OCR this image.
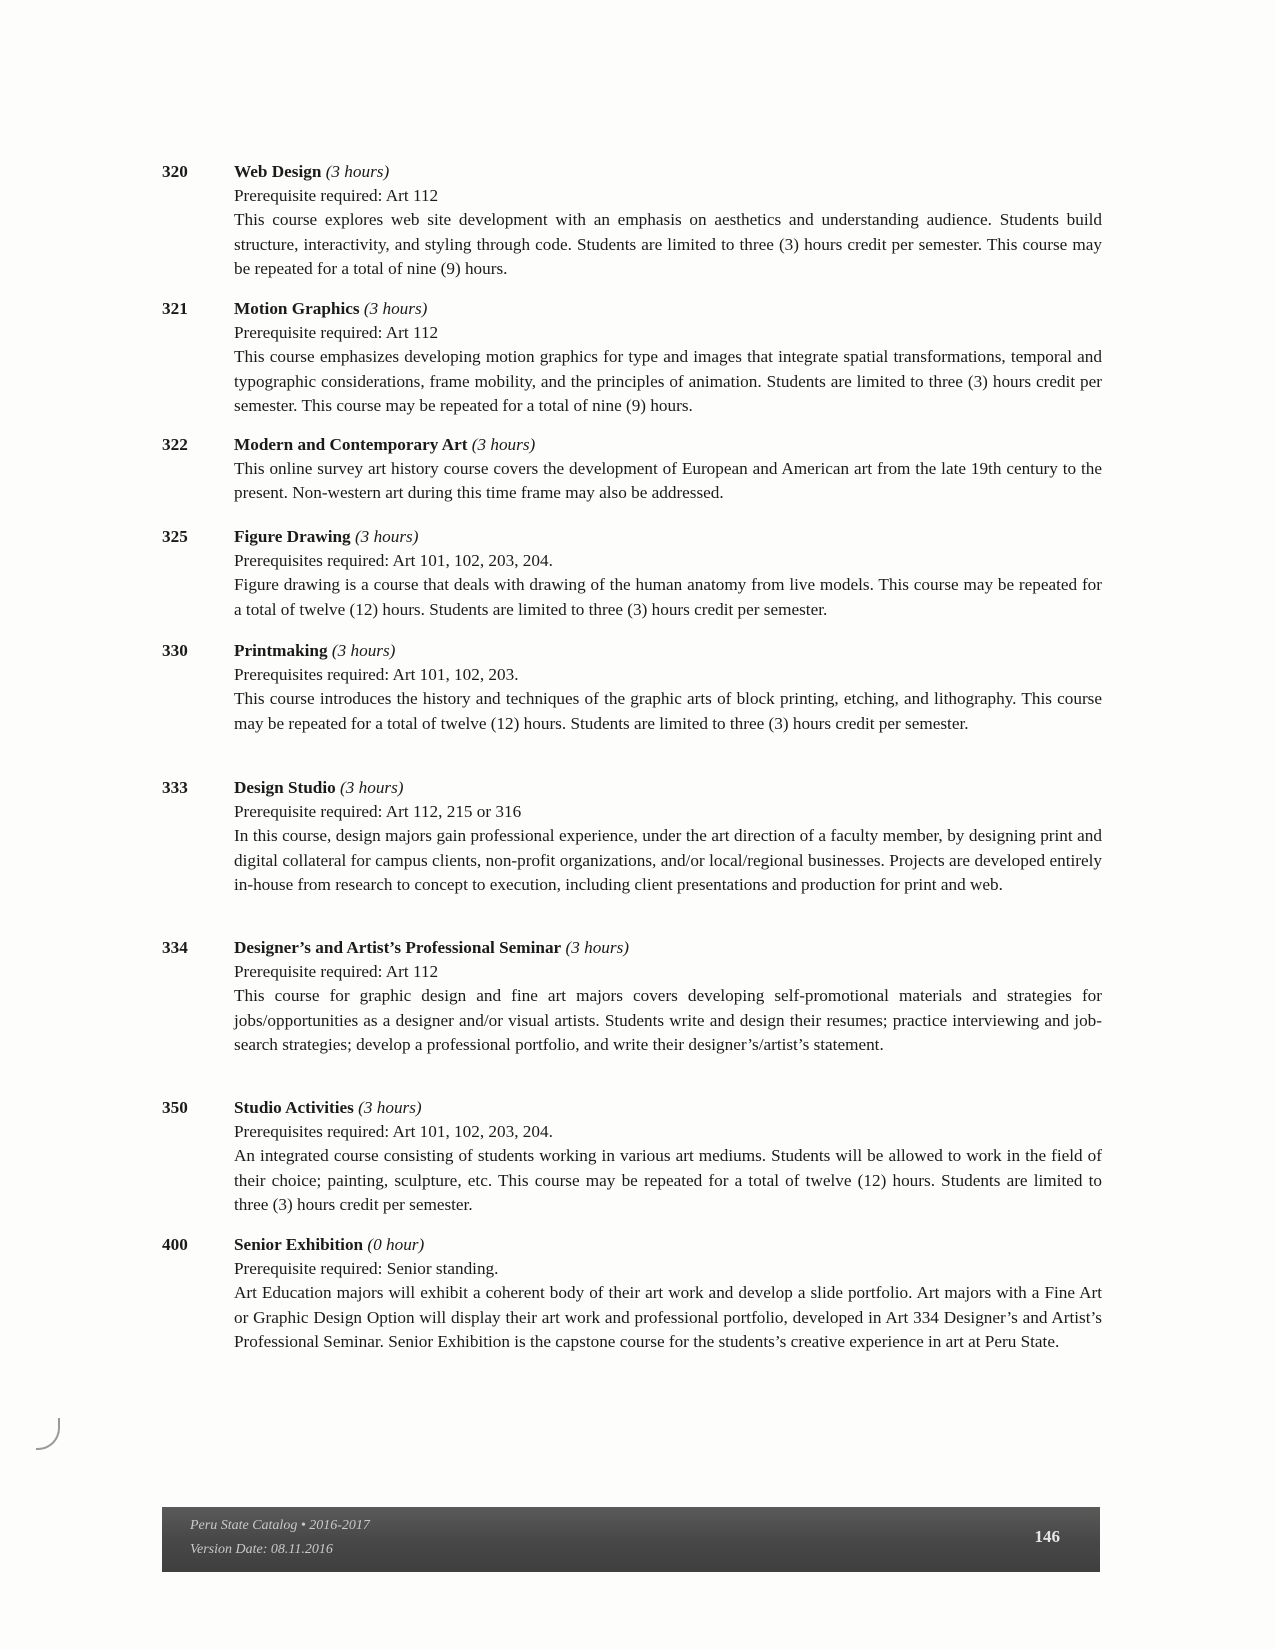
320	Web Design (3 hours)
Prerequisite required: Art 112
This course explores web site development with an emphasis on aesthetics and understanding audience. Students build structure, interactivity, and styling through code. Students are limited to three (3) hours credit per semester. This course may be repeated for a total of nine (9) hours.
321	Motion Graphics (3 hours)
Prerequisite required: Art 112
This course emphasizes developing motion graphics for type and images that integrate spatial transformations, temporal and typographic considerations, frame mobility, and the principles of animation. Students are limited to three (3) hours credit per semester. This course may be repeated for a total of nine (9) hours.
322	Modern and Contemporary Art (3 hours)
This online survey art history course covers the development of European and American art from the late 19th century to the present. Non-western art during this time frame may also be addressed.
325	Figure Drawing (3 hours)
Prerequisites required: Art 101, 102, 203, 204.
Figure drawing is a course that deals with drawing of the human anatomy from live models. This course may be repeated for a total of twelve (12) hours. Students are limited to three (3) hours credit per semester.
330	Printmaking (3 hours)
Prerequisites required: Art 101, 102, 203.
This course introduces the history and techniques of the graphic arts of block printing, etching, and lithography. This course may be repeated for a total of twelve (12) hours. Students are limited to three (3) hours credit per semester.
333	Design Studio (3 hours)
Prerequisite required: Art 112, 215 or 316
In this course, design majors gain professional experience, under the art direction of a faculty member, by designing print and digital collateral for campus clients, non-profit organizations, and/or local/regional businesses. Projects are developed entirely in-house from research to concept to execution, including client presentations and production for print and web.
334	Designer’s and Artist’s Professional Seminar (3 hours)
Prerequisite required: Art 112
This course for graphic design and fine art majors covers developing self-promotional materials and strategies for jobs/opportunities as a designer and/or visual artists. Students write and design their resumes; practice interviewing and job-search strategies; develop a professional portfolio, and write their designer’s/artist’s statement.
350	Studio Activities (3 hours)
Prerequisites required: Art 101, 102, 203, 204.
An integrated course consisting of students working in various art mediums. Students will be allowed to work in the field of their choice; painting, sculpture, etc. This course may be repeated for a total of twelve (12) hours. Students are limited to three (3) hours credit per semester.
400	Senior Exhibition (0 hour)
Prerequisite required: Senior standing.
Art Education majors will exhibit a coherent body of their art work and develop a slide portfolio. Art majors with a Fine Art or Graphic Design Option will display their art work and professional portfolio, developed in Art 334 Designer’s and Artist’s Professional Seminar. Senior Exhibition is the capstone course for the students’s creative experience in art at Peru State.
Peru State Catalog • 2016-2017
Version Date: 08.11.2016
146
